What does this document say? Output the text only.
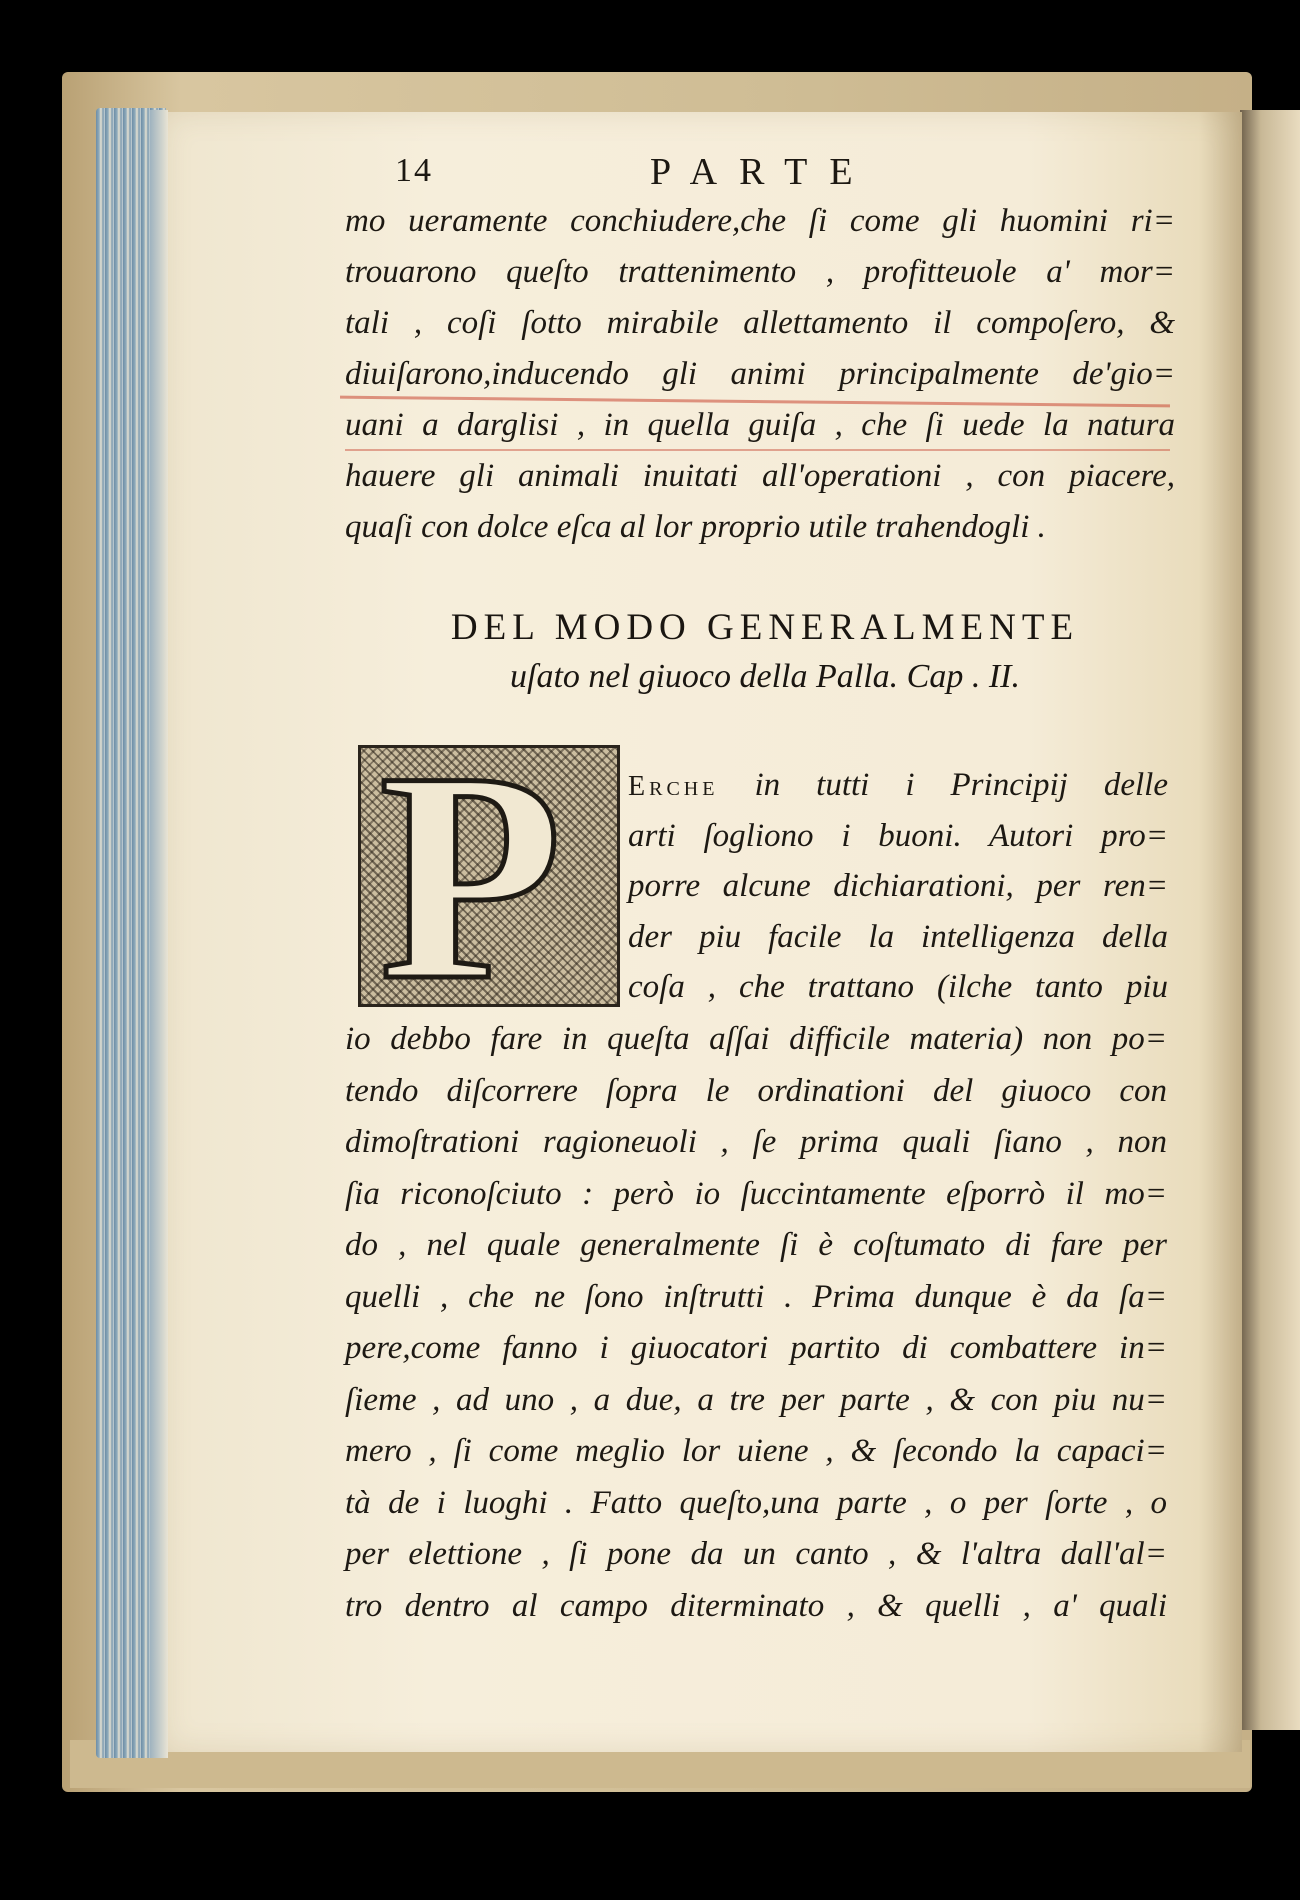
14	PARTE
mo ueramente conchiudere,che ſi come gli huomini ri=
trouarono queſto trattenimento , profitteuole a' mor=
tali , coſi ſotto mirabile allettamento il compoſero, &
diuiſarono,inducendo gli animi principalmente de'gio=
uani a darglisi , in quella guiſa , che ſi uede la natura
hauere gli animali inuitati all'operationi , con piacere,
quaſi con dolce eſca al lor proprio utile trahendogli .
DEL MODO GENERALMENTE
uſato nel giuoco della Palla. Cap . II.
P Erche in tutti i Principij delle
arti ſogliono i buoni. Autori pro=
porre alcune dichiarationi, per ren=
der piu facile la intelligenza della
coſa , che trattano (ilche tanto piu
io debbo fare in queſta aſſai difficile materia) non po=
tendo diſcorrere ſopra le ordinationi del giuoco con
dimoſtrationi ragioneuoli , ſe prima quali ſiano , non
ſia riconoſciuto : però io ſuccintamente eſporrò il mo=
do , nel quale generalmente ſi è coſtumato di fare per
quelli , che ne ſono inſtrutti . Prima dunque è da ſa=
pere,come fanno i giuocatori partito di combattere in=
ſieme , ad uno , a due, a tre per parte , & con piu nu=
mero , ſi come meglio lor uiene , & ſecondo la capaci=
tà de i luoghi . Fatto queſto,una parte , o per ſorte , o
per elettione , ſi pone da un canto , & l'altra dall'al=
tro dentro al campo diterminato , & quelli , a' quali
